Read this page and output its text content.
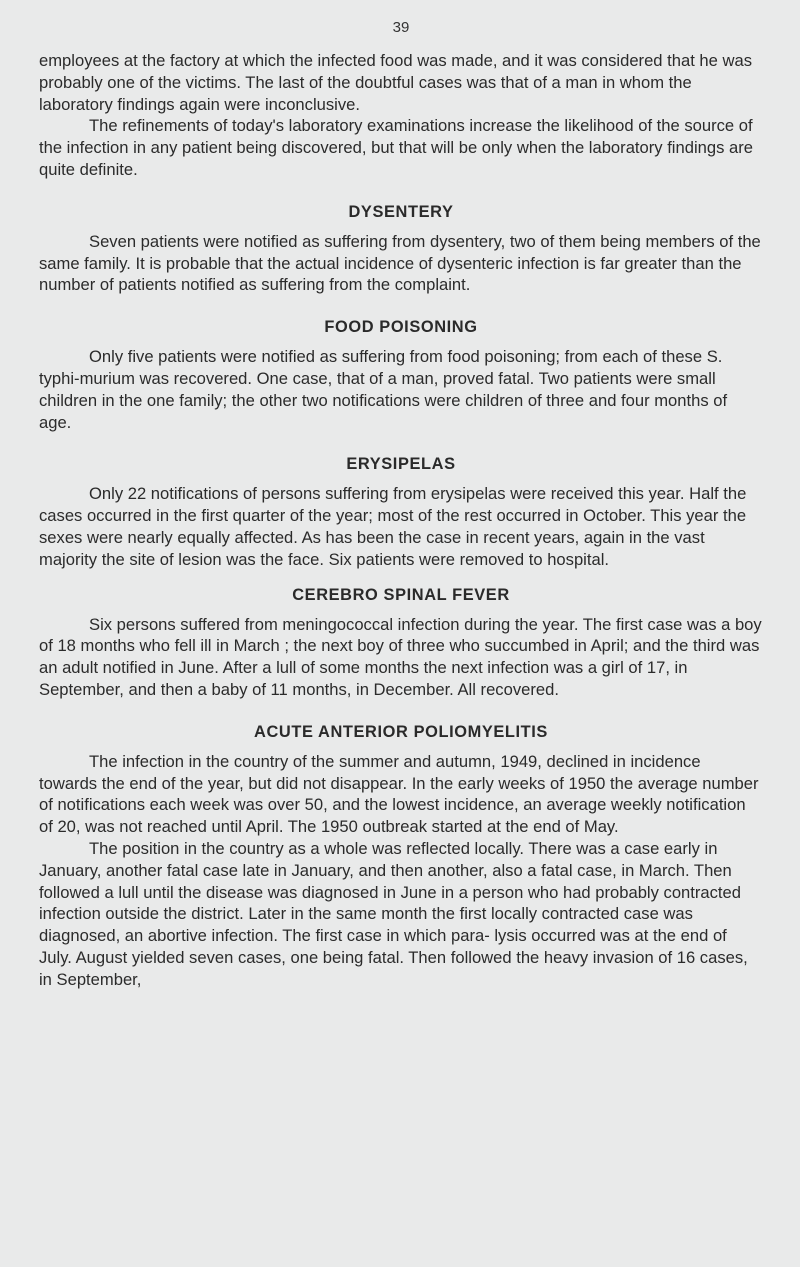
39

employees at the factory at which the infected food was made, and it was considered that he was probably one of the victims. The last of the doubtful cases was that of a man in whom the laboratory findings again were inconclusive.

The refinements of today's laboratory examinations increase the likelihood of the source of the infection in any patient being discovered, but that will be only when the laboratory findings are quite definite.

DYSENTERY

Seven patients were notified as suffering from dysentery, two of them being members of the same family. It is probable that the actual incidence of dysenteric infection is far greater than the number of patients notified as suffering from the complaint.

FOOD POISONING

Only five patients were notified as suffering from food poisoning; from each of these S. typhi-murium was recovered. One case, that of a man, proved fatal. Two patients were small children in the one family; the other two notifications were children of three and four months of age.

ERYSIPELAS

Only 22 notifications of persons suffering from erysipelas were received this year. Half the cases occurred in the first quarter of the year; most of the rest occurred in October. This year the sexes were nearly equally affected. As has been the case in recent years, again in the vast majority the site of lesion was the face. Six patients were removed to hospital.

CEREBRO SPINAL FEVER

Six persons suffered from meningococcal infection during the year. The first case was a boy of 18 months who fell ill in March ; the next boy of three who succumbed in April; and the third was an adult notified in June. After a lull of some months the next infection was a girl of 17, in September, and then a baby of 11 months, in December. All recovered.

ACUTE ANTERIOR POLIOMYELITIS

The infection in the country of the summer and autumn, 1949, declined in incidence towards the end of the year, but did not disappear. In the early weeks of 1950 the average number of notifications each week was over 50, and the lowest incidence, an average weekly notification of 20, was not reached until April. The 1950 outbreak started at the end of May.

The position in the country as a whole was reflected locally. There was a case early in January, another fatal case late in January, and then another, also a fatal case, in March. Then followed a lull until the disease was diagnosed in June in a person who had probably contracted infection outside the district. Later in the same month the first locally contracted case was diagnosed, an abortive infection. The first case in which para- lysis occurred was at the end of July. August yielded seven cases, one being fatal. Then followed the heavy invasion of 16 cases, in September,
